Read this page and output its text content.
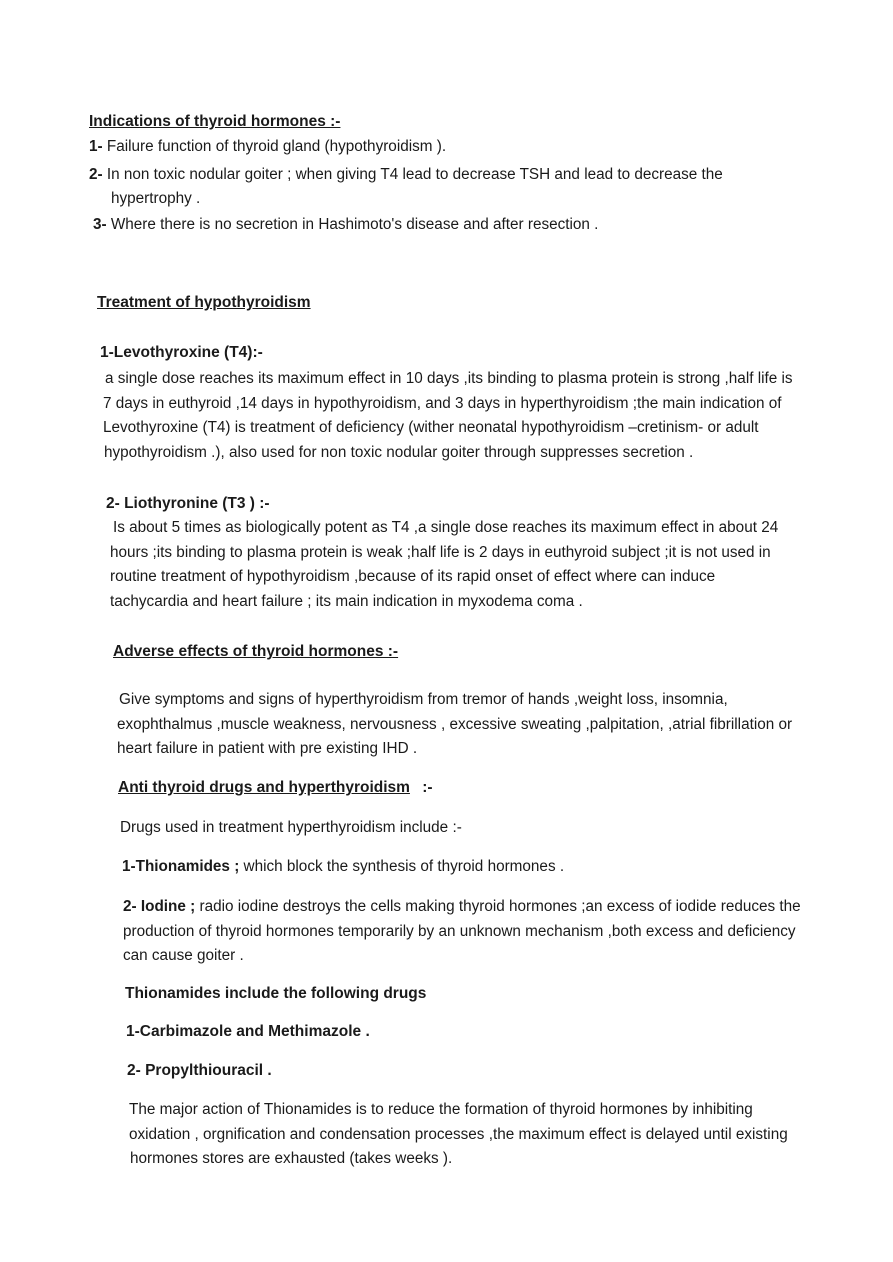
Indications of thyroid hormones :-
1- Failure function of thyroid gland (hypothyroidism ).
2- In non toxic nodular goiter ; when giving T4 lead to decrease TSH and lead to decrease the
hypertrophy .
3- Where there is no secretion in Hashimoto's disease and after resection .
Treatment of hypothyroidism
1-Levothyroxine (T4):-
a single dose reaches its maximum effect in 10 days ,its binding to plasma protein is strong ,half life is
7 days in euthyroid ,14 days in hypothyroidism, and 3 days in hyperthyroidism ;the main indication of
Levothyroxine (T4) is treatment of deficiency (wither neonatal hypothyroidism –cretinism- or adult
hypothyroidism .), also used for non toxic nodular goiter through suppresses secretion .
2- Liothyronine (T3 ) :-
Is about 5 times as biologically potent as T4 ,a single dose reaches its maximum effect in about 24
hours ;its binding to plasma protein is weak ;half life is 2 days in euthyroid subject ;it is not used in
routine treatment of hypothyroidism ,because of its rapid onset of effect where can induce
tachycardia and heart failure ; its main indication in myxodema coma .
Adverse effects of thyroid hormones :-
Give symptoms and signs of hyperthyroidism from tremor of hands ,weight loss, insomnia,
exophthalmus ,muscle weakness, nervousness , excessive sweating ,palpitation, ,atrial fibrillation or
heart failure in patient with pre existing IHD .
Anti thyroid drugs and hyperthyroidism :-
Drugs used in treatment hyperthyroidism include :-
1-Thionamides ; which block the synthesis of thyroid hormones .
2- Iodine ; radio iodine destroys the cells making thyroid hormones ;an excess of iodide reduces the
production of thyroid hormones temporarily by an unknown mechanism ,both excess and deficiency
can cause goiter .
Thionamides include the following drugs
1-Carbimazole and Methimazole .
2- Propylthiouracil .
The major action of Thionamides is to reduce the formation of thyroid hormones by inhibiting
oxidation , orgnification and condensation processes ,the maximum effect is delayed until existing
hormones stores are exhausted (takes weeks ).
